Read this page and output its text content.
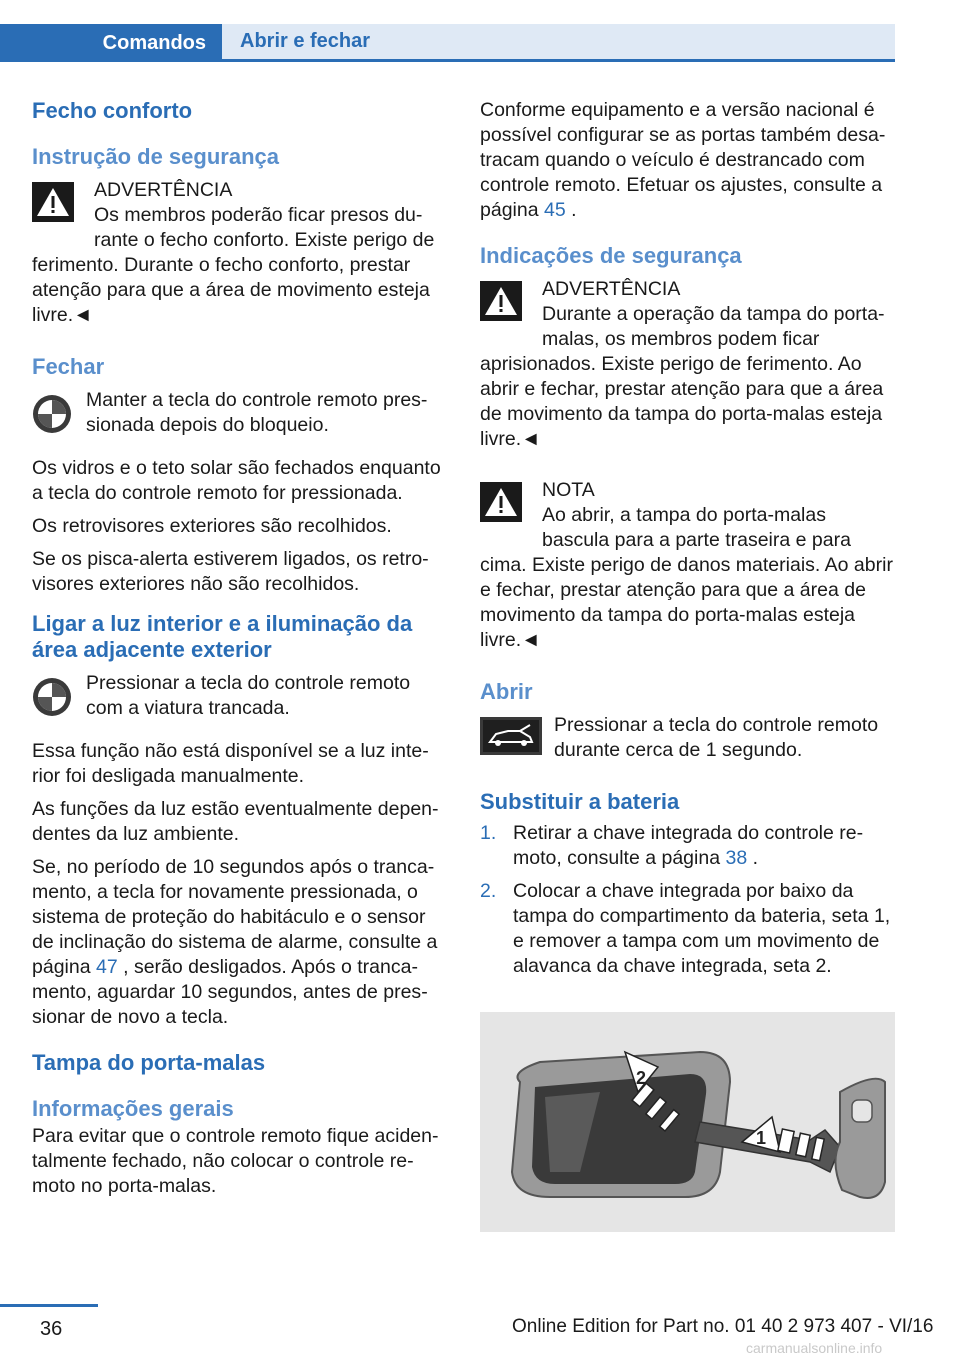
Comandos	Abrir e fechar
Fecho conforto
Instrução de segurança
ADVERTÊNCIA
Os membros poderão ficar presos durante o fecho conforto. Existe perigo de ferimento. Durante o fecho conforto, prestar atenção para que a área de movimento esteja livre.◄
Fechar
Manter a tecla do controle remoto pressionada depois do bloqueio.

Os vidros e o teto solar são fechados enquanto a tecla do controle remoto for pressionada.

Os retrovisores exteriores são recolhidos.

Se os pisca-alerta estiverem ligados, os retrovisores exteriores não são recolhidos.

Ligar a luz interior e a iluminação da área adjacente exterior
Pressionar a tecla do controle remoto com a viatura trancada.

Essa função não está disponível se a luz interior foi desligada manualmente.

As funções da luz estão eventualmente dependentes da luz ambiente.

Se, no período de 10 segundos após o trancamento, a tecla for novamente pressionada, o sistema de proteção do habitáculo e o sensor de inclinação do sistema de alarme, consulte a página 47 , serão desligados. Após o trancamento, aguardar 10 segundos, antes de pressionar de novo a tecla.

Tampa do porta-malas
Informações gerais

Para evitar que o controle remoto fique acidentalmente fechado, não colocar o controle remoto no porta-malas.

Conforme equipamento e a versão nacional é possível configurar se as portas também desatracam quando o veículo é destrancado com controle remoto. Efetuar os ajustes, consulte a página 45 .

Indicações de segurança
ADVERTÊNCIA
Durante a operação da tampa do porta-malas, os membros podem ficar aprisionados. Existe perigo de ferimento. Ao abrir e fechar, prestar atenção para que a área de movimento da tampa do porta-malas esteja livre.◄
NOTA
Ao abrir, a tampa do porta-malas bascula para a parte traseira e para cima. Existe perigo de danos materiais. Ao abrir e fechar, prestar atenção para que a área de movimento da tampa do porta-malas esteja livre.◄
Abrir
Pressionar a tecla do controle remoto durante cerca de 1 segundo.
Substituir a bateria
1. Retirar a chave integrada do controle remoto, consulte a página 38 .
2. Colocar a chave integrada por baixo da tampa do compartimento da bateria, seta 1, e remover a tampa com um movimento de alavanca da chave integrada, seta 2.
1
2
36	Online Edition for Part no. 01 40 2 973 407 - VI/16
carmanualsonline.info
